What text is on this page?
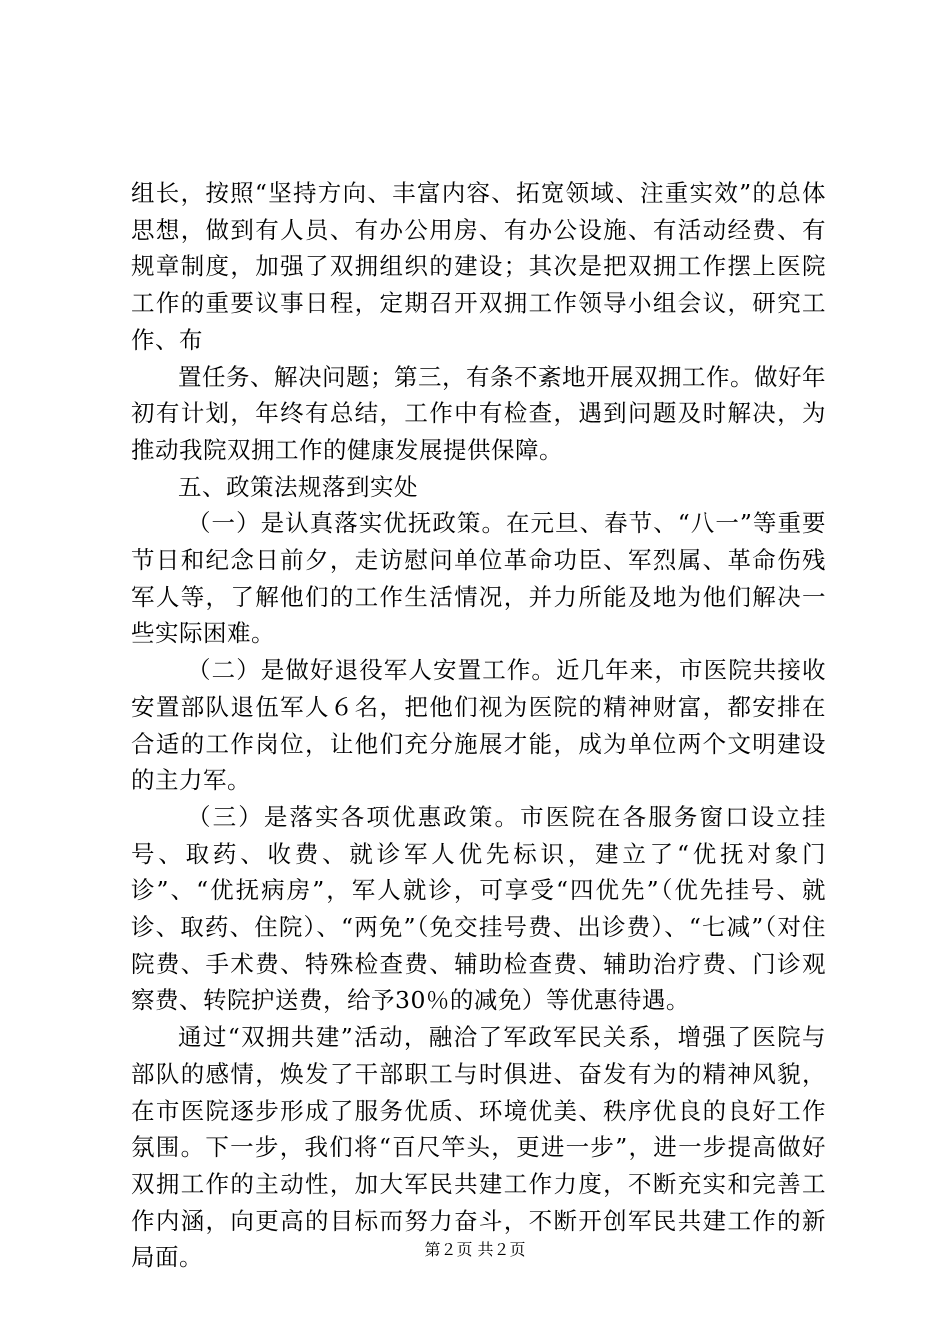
组长，按照“坚持方向、丰富内容、拓宽领域、注重实效”的总体思想，做到有人员、有办公用房、有办公设施、有活动经费、有规章制度，加强了双拥组织的建设；其次是把双拥工作摆上医院工作的重要议事日程，定期召开双拥工作领导小组会议，研究工作、布

置任务、解决问题；第三，有条不紊地开展双拥工作。做好年初有计划，年终有总结，工作中有检查，遇到问题及时解决，为推动我院双拥工作的健康发展提供保障。

五、政策法规落到实处

（一）是认真落实优抚政策。在元旦、春节、“八一”等重要节日和纪念日前夕，走访慰问单位革命功臣、军烈属、革命伤残军人等，了解他们的工作生活情况，并力所能及地为他们解决一些实际困难。

（二）是做好退役军人安置工作。近几年来，市医院共接收安置部队退伍军人６名，把他们视为医院的精神财富，都安排在合适的工作岗位，让他们充分施展才能，成为单位两个文明建设的主力军。

（三）是落实各项优惠政策。市医院在各服务窗口设立挂号、取药、收费、就诊军人优先标识，建立了“优抚对象门诊”、“优抚病房”，军人就诊，可享受“四优先”（优先挂号、就诊、取药、住院）、“两免”（免交挂号费、出诊费）、“七减”（对住院费、手术费、特殊检查费、辅助检查费、辅助治疗费、门诊观察费、转院护送费，给予30％的减免）等优惠待遇。

通过“双拥共建”活动，融洽了军政军民关系，增强了医院与部队的感情，焕发了干部职工与时俱进、奋发有为的精神风貌，在市医院逐步形成了服务优质、环境优美、秩序优良的良好工作氛围。下一步，我们将“百尺竿头，更进一步”，进一步提高做好双拥工作的主动性，加大军民共建工作力度，不断充实和完善工作内涵，向更高的目标而努力奋斗，不断开创军民共建工作的新局面。	第２页 共２页
